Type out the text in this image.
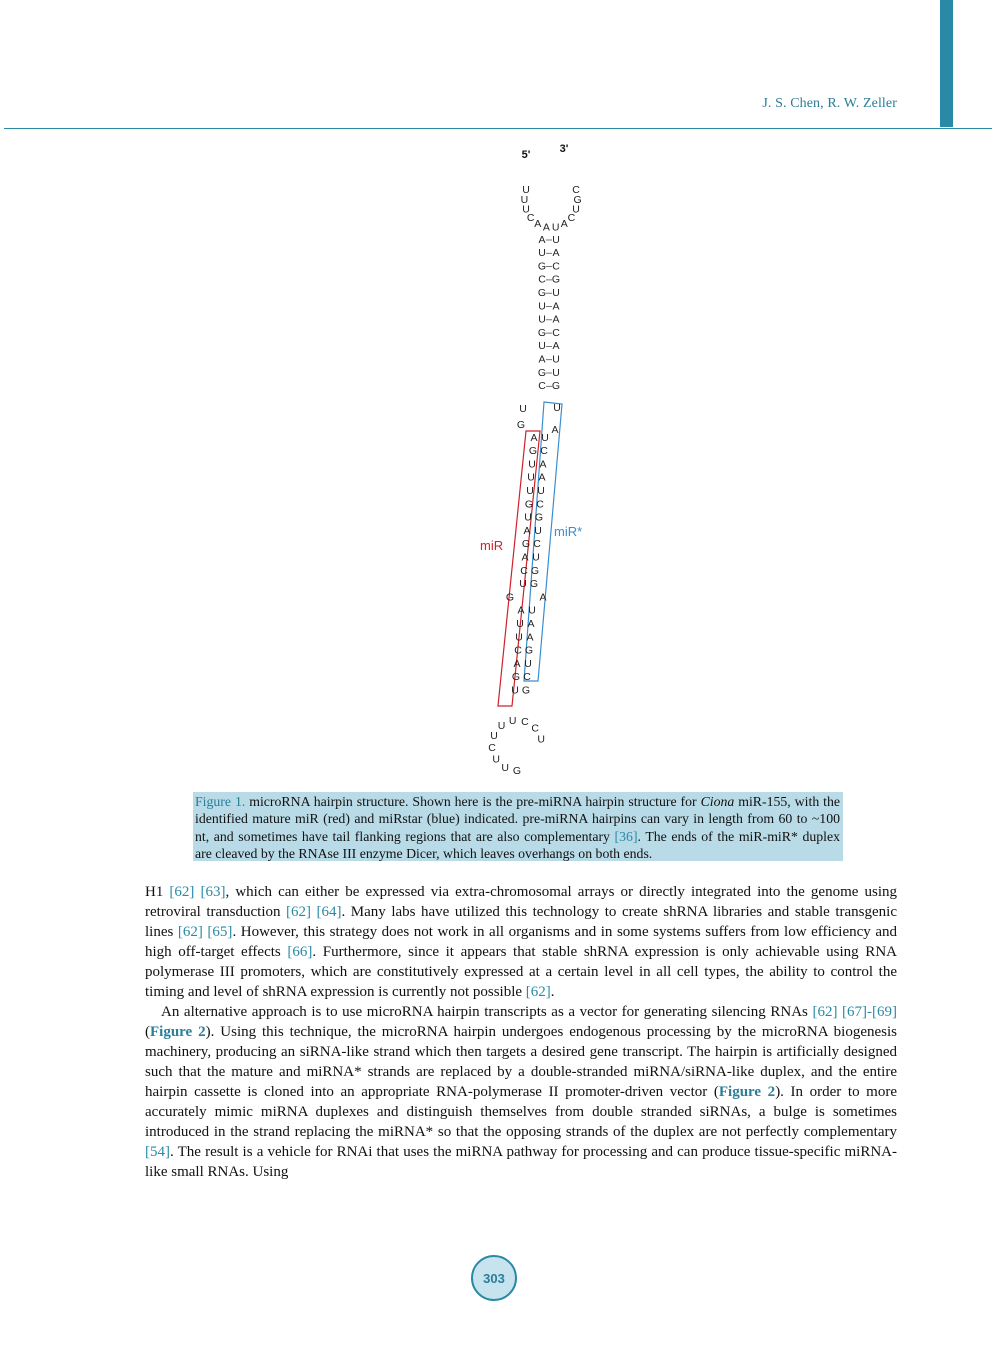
J. S. Chen, R. W. Zeller
U
U
U
C
A A U A
C
U
G
C
A U
U A
G C
C G
G U
U A
U A
G C
U A
A U
G U
C G
U
G
U
A
A U
G C
U A
U A
U U
G C
U G
A U
G C
A U
C G
U G
G A
A U
U A
U A
C G
A U
G C
U G
U
C
C
U
U
U
C
U
U G
5'	3'
miR
miR*
Figure 1. microRNA hairpin structure. Shown here is the pre-miRNA hairpin structure for Ciona miR-155, with the identified mature miR (red) and miRstar (blue) indicated. pre-miRNA hairpins can vary in length from 60 to ~100 nt, and sometimes have tail flanking regions that are also complementary [36]. The ends of the miR-miR* duplex are cleaved by the RNAse III enzyme Dicer, which leaves overhangs on both ends.

H1 [62] [63], which can either be expressed via extra-chromosomal arrays or directly integrated into the genome using retroviral transduction [62] [64]. Many labs have utilized this technology to create shRNA libraries and stable transgenic lines [62] [65]. However, this strategy does not work in all organisms and in some systems suffers from low efficiency and high off-target effects [66]. Furthermore, since it appears that stable shRNA expression is only achievable using RNA polymerase III promoters, which are constitutively expressed at a certain level in all cell types, the ability to control the timing and level of shRNA expression is currently not possible [62].

An alternative approach is to use microRNA hairpin transcripts as a vector for generating silencing RNAs [62] [67]-[69] (Figure 2). Using this technique, the microRNA hairpin undergoes endogenous processing by the microRNA biogenesis machinery, producing an siRNA-like strand which then targets a desired gene transcript. The hairpin is artificially designed such that the mature and miRNA* strands are replaced by a double-stranded miRNA/siRNA-like duplex, and the entire hairpin cassette is cloned into an appropriate RNA-polymerase II promoter-driven vector (Figure 2). In order to more accurately mimic miRNA duplexes and distinguish themselves from double stranded siRNAs, a bulge is sometimes introduced in the strand replacing the miRNA* so that the opposing strands of the duplex are not perfectly complementary [54]. The result is a vehicle for RNAi that uses the miRNA pathway for processing and can produce tissue-specific miRNA-like small RNAs. Using

303
